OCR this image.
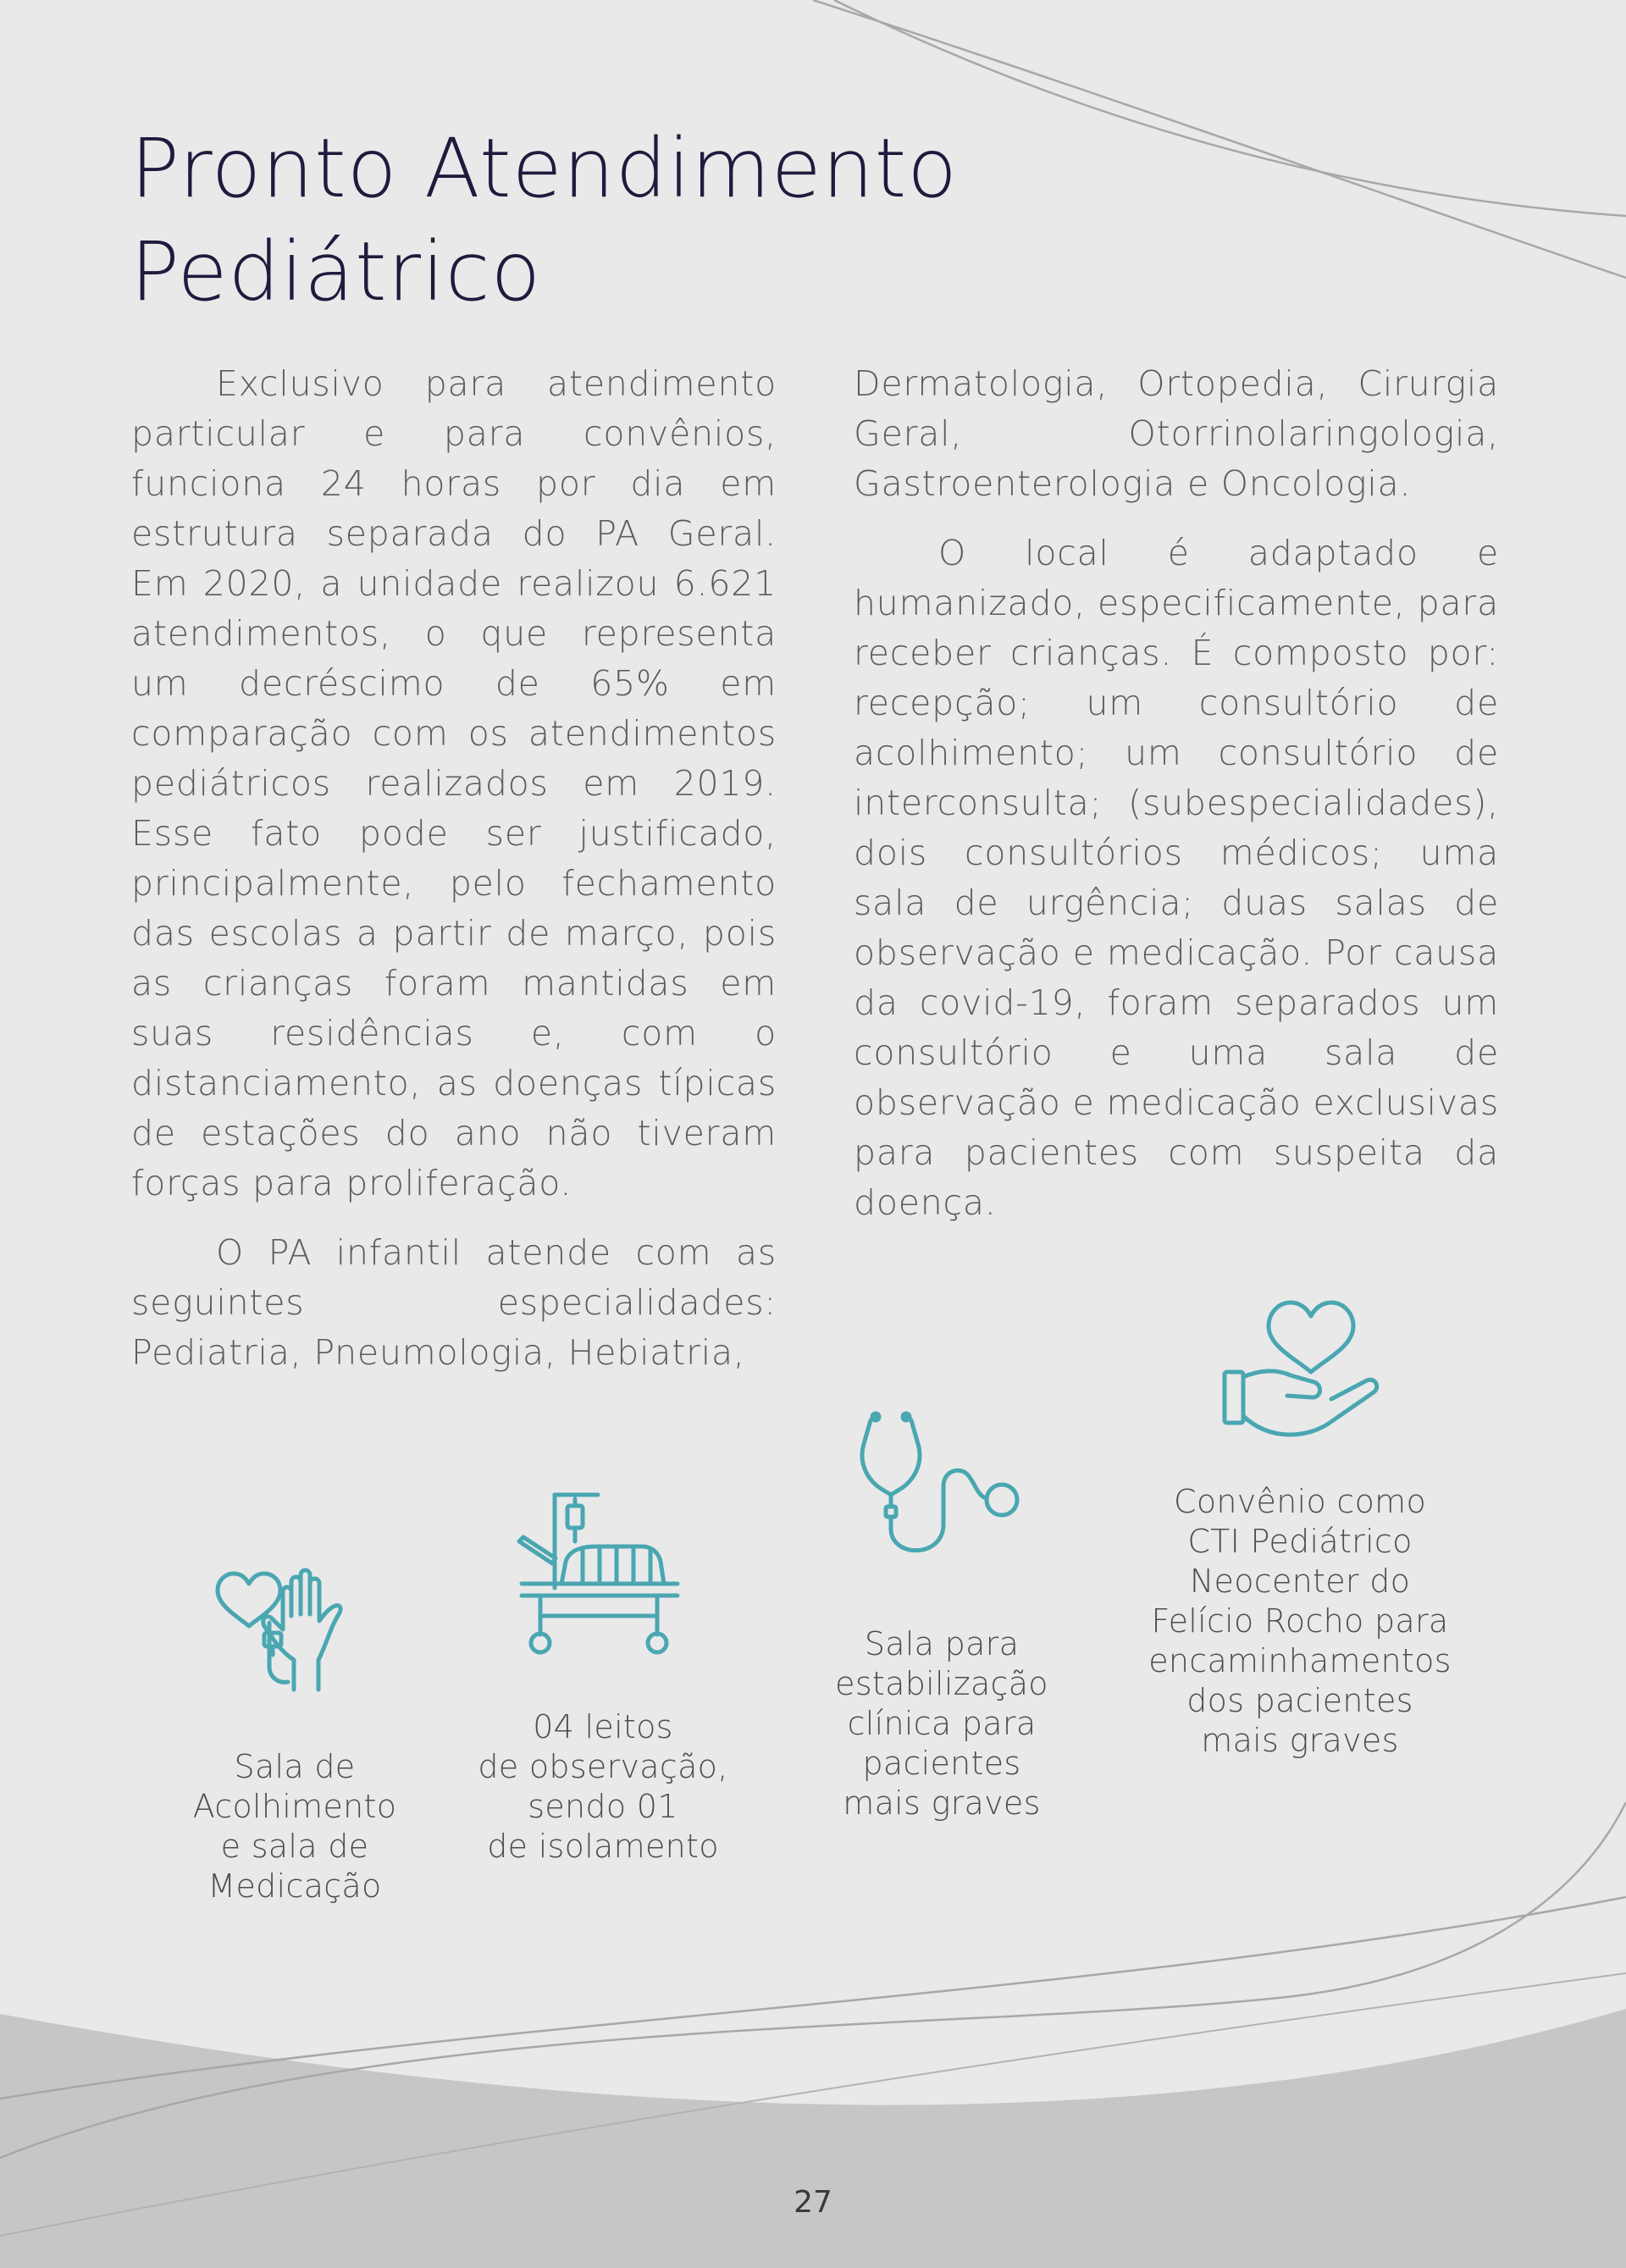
Pronto Atendimento
Pediátrico

Exclusivo para atendimento particular e para convênios, funciona 24 horas por dia em estrutura separada do PA Geral. Em 2020, a unidade realizou 6.621 atendimentos, o que representa um decréscimo de 65% em comparação com os atendimentos pediátricos realizados em 2019. Esse fato pode ser justificado, principalmente, pelo fechamento das escolas a partir de março, pois as crianças foram mantidas em suas residências e, com o distanciamento, as doenças típicas de estações do ano não tiveram forças para proliferação.

O PA infantil atende com as seguintes especialidades: Pediatria, Pneumologia, Hebiatria,

Dermatologia, Ortopedia, Cirurgia Geral, Otorrinolaringologia, Gastroenterologia e Oncologia.

O local é adaptado e humanizado, especificamente, para receber crianças. É composto por: recepção; um consultório de acolhimento; um consultório de interconsulta; (subespecialidades), dois consultórios médicos; uma sala de urgência; duas salas de observação e medicação. Por causa da covid-19, foram separados um consultório e uma sala de observação e medicação exclusivas para pacientes com suspeita da doença.

Sala de
Acolhimento
e sala de
Medicação

04 leitos
de observação,
sendo 01
de isolamento

Sala para
estabilização
clínica para
pacientes
mais graves

Convênio como
CTI Pediátrico
Neocenter do
Felício Rocho para
encaminhamentos
dos pacientes
mais graves

27
